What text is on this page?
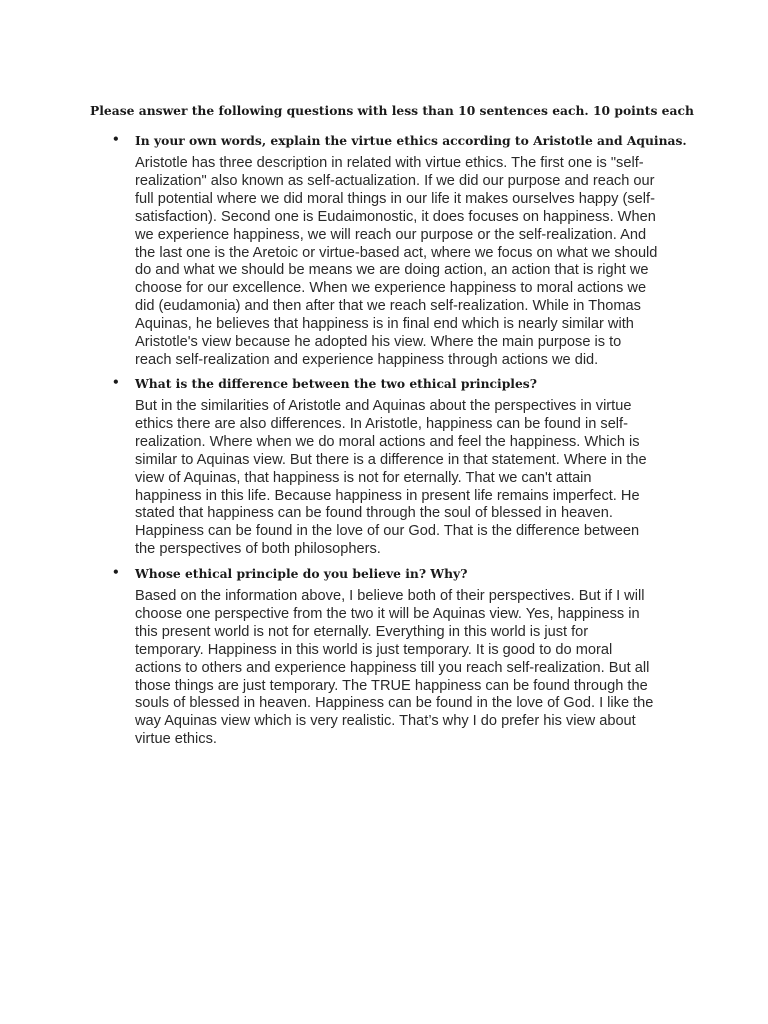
Please answer the following questions with less than 10 sentences each. 10 points each
• In your own words, explain the virtue ethics according to Aristotle and Aquinas.
Aristotle has three description in related with virtue ethics. The first one is "self-
realization" also known as self-actualization. If we did our purpose and reach our
full potential where we did moral things in our life it makes ourselves happy (self-
satisfaction). Second one is Eudaimonostic, it does focuses on happiness. When
we experience happiness, we will reach our purpose or the self-realization. And
the last one is the Aretoic or virtue-based act, where we focus on what we should
do and what we should be means we are doing action, an action that is right we
choose for our excellence. When we experience happiness to moral actions we
did (eudamonia) and then after that we reach self-realization. While in Thomas
Aquinas, he believes that happiness is in final end which is nearly similar with
Aristotle's view because he adopted his view. Where the main purpose is to
reach self-realization and experience happiness through actions we did.
• What is the difference between the two ethical principles?
But in the similarities of Aristotle and Aquinas about the perspectives in virtue
ethics there are also differences. In Aristotle, happiness can be found in self-
realization. Where when we do moral actions and feel the happiness. Which is
similar to Aquinas view. But there is a difference in that statement. Where in the
view of Aquinas, that happiness is not for eternally. That we can't attain
happiness in this life. Because happiness in present life remains imperfect. He
stated that happiness can be found through the soul of blessed in heaven.
Happiness can be found in the love of our God. That is the difference between
the perspectives of both philosophers.
• Whose ethical principle do you believe in? Why?
Based on the information above, I believe both of their perspectives. But if I will
choose one perspective from the two it will be Aquinas view. Yes, happiness in
this present world is not for eternally. Everything in this world is just for
temporary. Happiness in this world is just temporary. It is good to do moral
actions to others and experience happiness till you reach self-realization. But all
those things are just temporary. The TRUE happiness can be found through the
souls of blessed in heaven. Happiness can be found in the love of God. I like the
way Aquinas view which is very realistic. That’s why I do prefer his view about
virtue ethics.
